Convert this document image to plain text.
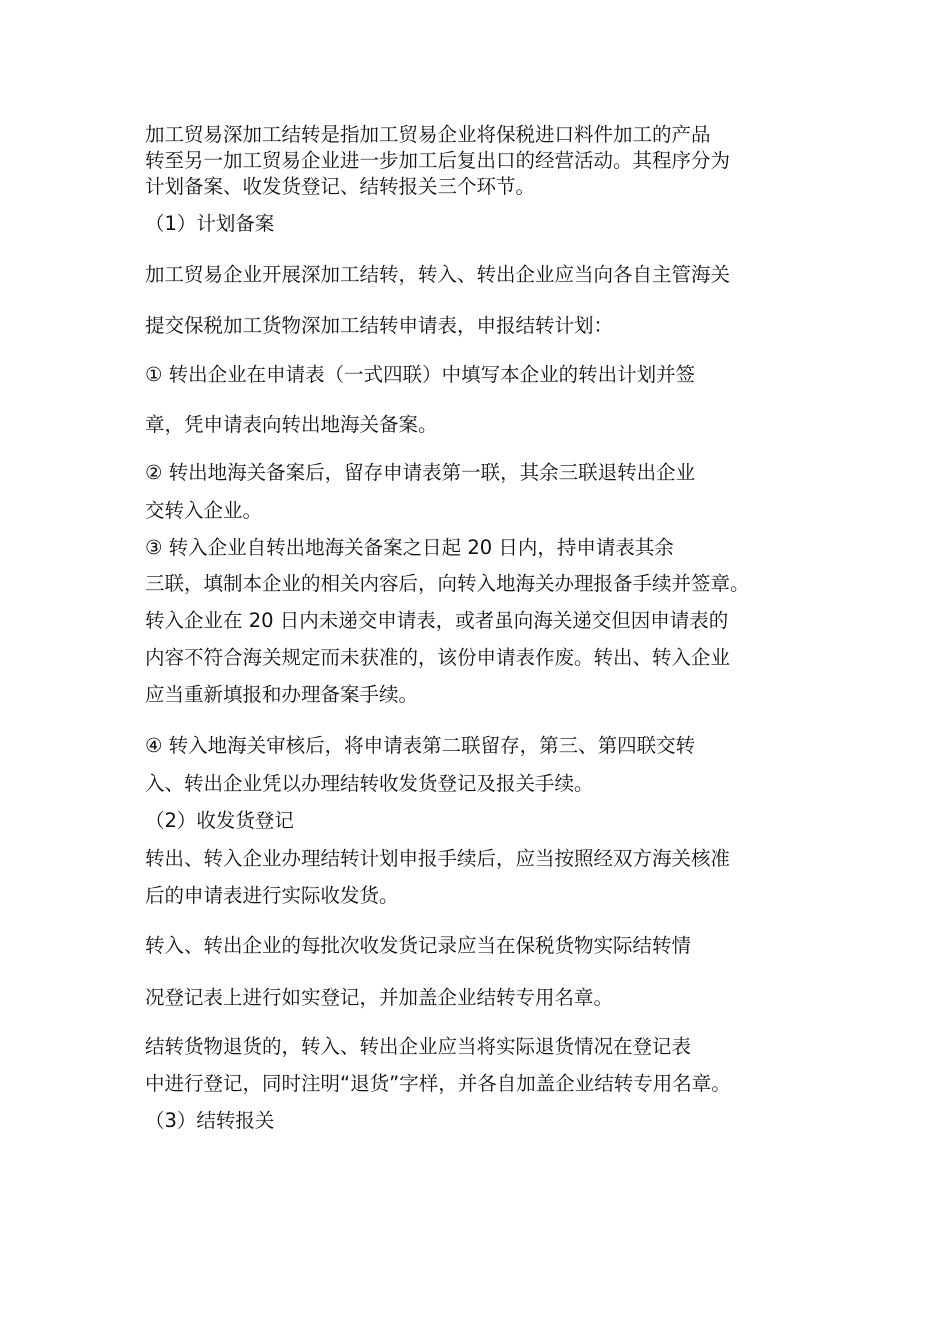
加工贸易深加工结转是指加工贸易企业将保税进口料件加工的产品
转至另一加工贸易企业进一步加工后复出口的经营活动。其程序分为
计划备案、收发货登记、结转报关三个环节。
（1）计划备案
加工贸易企业开展深加工结转，转入、转出企业应当向各自主管海关
提交保税加工货物深加工结转申请表，申报结转计划：
① 转出企业在申请表（一式四联）中填写本企业的转出计划并签
章，凭申请表向转出地海关备案。
② 转出地海关备案后，留存申请表第一联，其余三联退转出企业
交转入企业。
③ 转入企业自转出地海关备案之日起 20 日内，持申请表其余
三联，填制本企业的相关内容后，向转入地海关办理报备手续并签章。
转入企业在 20 日内未递交申请表，或者虽向海关递交但因申请表的
内容不符合海关规定而未获准的，该份申请表作废。转出、转入企业
应当重新填报和办理备案手续。
④ 转入地海关审核后，将申请表第二联留存，第三、第四联交转
入、转出企业凭以办理结转收发货登记及报关手续。
（2）收发货登记
转出、转入企业办理结转计划申报手续后，应当按照经双方海关核准
后的申请表进行实际收发货。
转入、转出企业的每批次收发货记录应当在保税货物实际结转情
况登记表上进行如实登记，并加盖企业结转专用名章。
结转货物退货的，转入、转出企业应当将实际退货情况在登记表
中进行登记，同时注明“退货”字样，并各自加盖企业结转专用名章。
（3）结转报关
